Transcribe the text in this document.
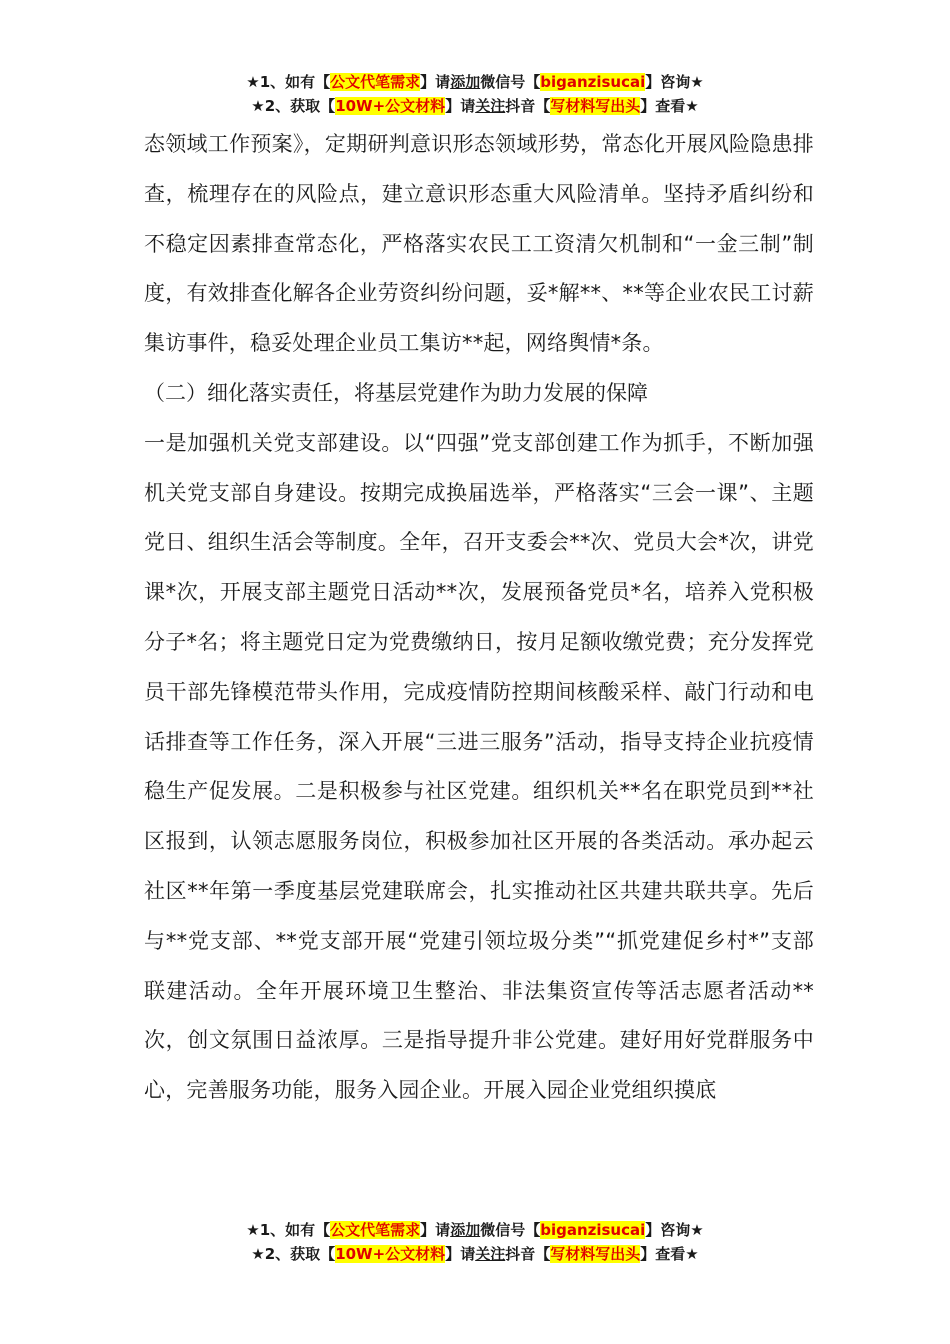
★1、如有【公文代笔需求】请添加微信号【biganzisucai】咨询★
★2、获取【10W+公文材料】请关注抖音【写材料写出头】查看★

态领域工作预案》，定期研判意识形态领域形势，常态化开展风险隐患排查，梳理存在的风险点，建立意识形态重大风险清单。坚持矛盾纠纷和不稳定因素排查常态化，严格落实农民工工资清欠机制和“一金三制”制度，有效排查化解各企业劳资纠纷问题，妥*解**、**等企业农民工讨薪集访事件，稳妥处理企业员工集访**起，网络舆情*条。

（二）细化落实责任，将基层党建作为助力发展的保障

一是加强机关党支部建设。以“四强”党支部创建工作为抓手，不断加强机关党支部自身建设。按期完成换届选举，严格落实“三会一课”、主题党日、组织生活会等制度。全年，召开支委会**次、党员大会*次，讲党课*次，开展支部主题党日活动**次，发展预备党员*名，培养入党积极分子*名；将主题党日定为党费缴纳日，按月足额收缴党费；充分发挥党员干部先锋模范带头作用，完成疫情防控期间核酸采样、敲门行动和电话排查等工作任务，深入开展“三进三服务”活动，指导支持企业抗疫情稳生产促发展。二是积极参与社区党建。组织机关**名在职党员到**社区报到，认领志愿服务岗位，积极参加社区开展的各类活动。承办起云社区**年第一季度基层党建联席会，扎实推动社区共建共联共享。先后与**党支部、**党支部开展“党建引领垃圾分类”“抓党建促乡村*”支部联建活动。全年开展环境卫生整治、非法集资宣传等活志愿者活动**次，创文氛围日益浓厚。三是指导提升非公党建。建好用好党群服务中心，完善服务功能，服务入园企业。开展入园企业党组织摸底

★1、如有【公文代笔需求】请添加微信号【biganzisucai】咨询★
★2、获取【10W+公文材料】请关注抖音【写材料写出头】查看★
